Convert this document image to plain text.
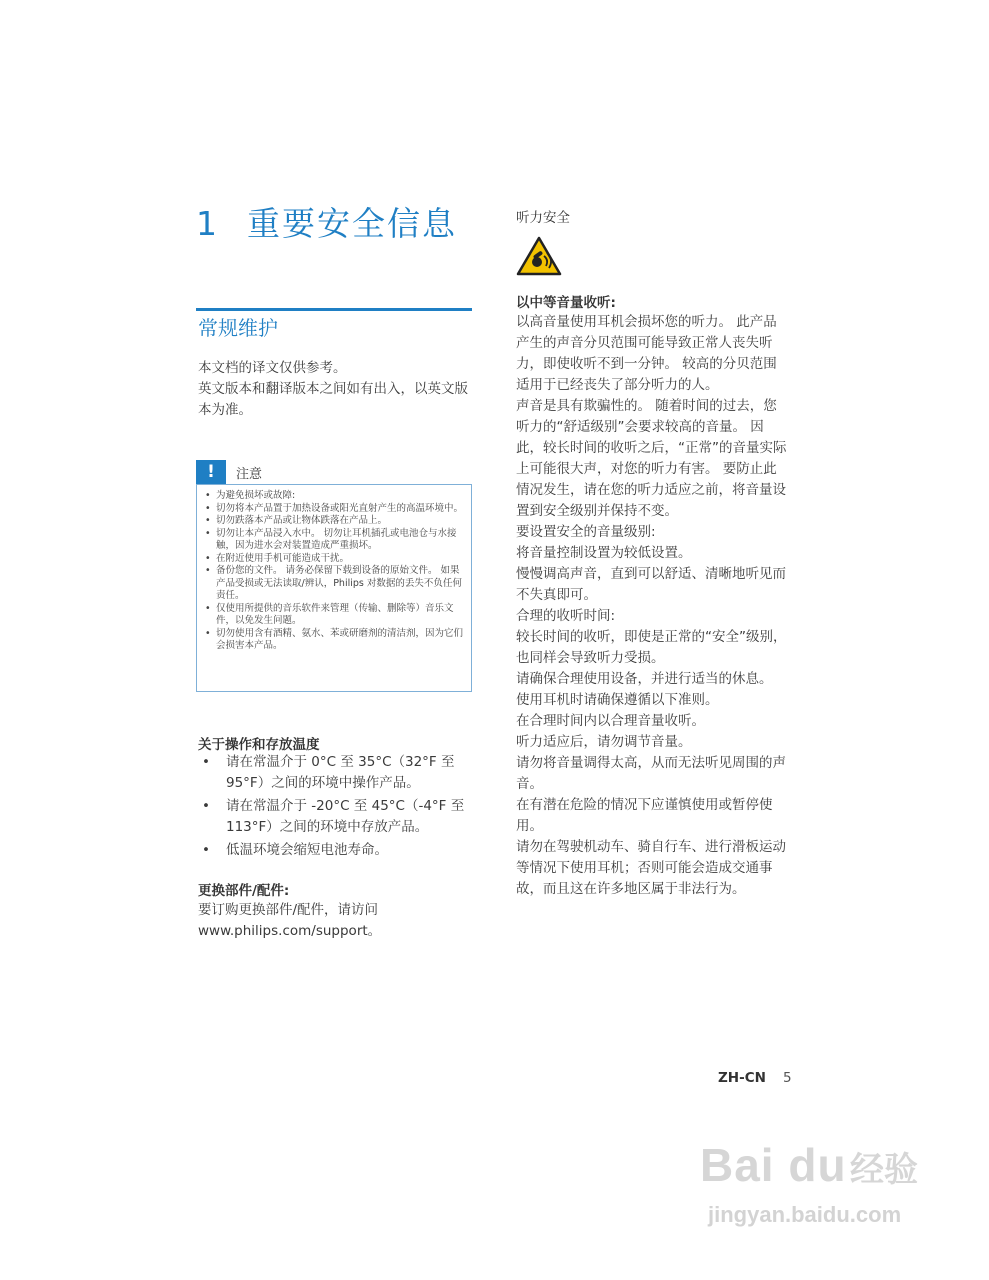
1 重要安全信息
常规维护

本文档的译文仅供参考。

英文版本和翻译版本之间如有出入，以英文版本为准。

!	注意
• 为避免损坏或故障:
• 切勿将本产品置于加热设备或阳光直射产生的高温环境中。
• 切勿跌落本产品或让物体跌落在产品上。
• 切勿让本产品浸入水中。 切勿让耳机插孔或电池仓与水接触，因为进水会对装置造成严重损坏。
• 在附近使用手机可能造成干扰。
• 备份您的文件。 请务必保留下载到设备的原始文件。 如果产品受损或无法读取/辨认，Philips 对数据的丢失不负任何责任。
• 仅使用所提供的音乐软件来管理（传输、删除等）音乐文件，以免发生问题。
• 切勿使用含有酒精、氨水、苯或研磨剂的清洁剂，因为它们会损害本产品。
关于操作和存放温度
• 请在常温介于 0°C 至 35°C（32°F 至 95°F）之间的环境中操作产品。
• 请在常温介于 -20°C 至 45°C（-4°F 至 113°F）之间的环境中存放产品。
• 低温环境会缩短电池寿命。
更换部件/配件:

要订购更换部件/配件，请访问

www.philips.com/support。

听力安全
以中等音量收听:

以高音量使用耳机会损坏您的听力。 此产品产生的声音分贝范围可能导致正常人丧失听力，即使收听不到一分钟。 较高的分贝范围适用于已经丧失了部分听力的人。

声音是具有欺骗性的。 随着时间的过去，您听力的“舒适级别”会要求较高的音量。 因此，较长时间的收听之后，“正常”的音量实际上可能很大声，对您的听力有害。 要防止此情况发生，请在您的听力适应之前，将音量设置到安全级别并保持不变。

要设置安全的音量级别:

将音量控制设置为较低设置。

慢慢调高声音，直到可以舒适、清晰地听见而不失真即可。

合理的收听时间:

较长时间的收听，即使是正常的“安全”级别，也同样会导致听力受损。

请确保合理使用设备，并进行适当的休息。

使用耳机时请确保遵循以下准则。

在合理时间内以合理音量收听。

听力适应后，请勿调节音量。

请勿将音量调得太高，从而无法听见周围的声音。

在有潜在危险的情况下应谨慎使用或暂停使用。

请勿在驾驶机动车、骑自行车、进行滑板运动等情况下使用耳机；否则可能会造成交通事故，而且这在许多地区属于非法行为。

ZH-CN 5
Bai du 经验
jingyan.baidu.com
